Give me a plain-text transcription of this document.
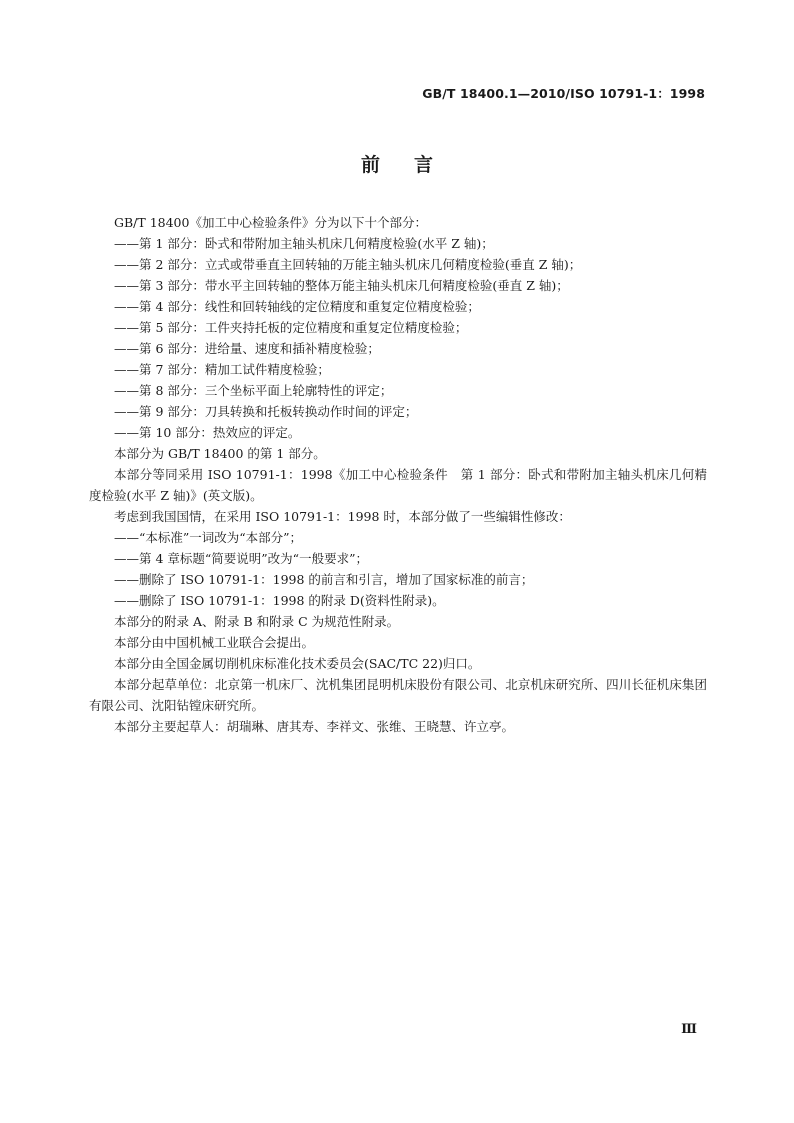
GB/T 18400.1—2010/ISO 10791-1：1998
前言

GB/T 18400《加工中心检验条件》分为以下十个部分：

——第 1 部分：卧式和带附加主轴头机床几何精度检验(水平 Z 轴)；

——第 2 部分：立式或带垂直主回转轴的万能主轴头机床几何精度检验(垂直 Z 轴)；

——第 3 部分：带水平主回转轴的整体万能主轴头机床几何精度检验(垂直 Z 轴)；

——第 4 部分：线性和回转轴线的定位精度和重复定位精度检验；

——第 5 部分：工件夹持托板的定位精度和重复定位精度检验；

——第 6 部分：进给量、速度和插补精度检验；

——第 7 部分：精加工试件精度检验；

——第 8 部分：三个坐标平面上轮廓特性的评定；

——第 9 部分：刀具转换和托板转换动作时间的评定；

——第 10 部分：热效应的评定。

本部分为 GB/T 18400 的第 1 部分。

本部分等同采用 ISO 10791-1：1998《加工中心检验条件　第 1 部分：卧式和带附加主轴头机床几何精度检验(水平 Z 轴)》(英文版)。

考虑到我国国情，在采用 ISO 10791-1：1998 时，本部分做了一些编辑性修改：

——“本标准”一词改为“本部分”；

——第 4 章标题“简要说明”改为“一般要求”；

——删除了 ISO 10791-1：1998 的前言和引言，增加了国家标准的前言；

——删除了 ISO 10791-1：1998 的附录 D(资料性附录)。

本部分的附录 A、附录 B 和附录 C 为规范性附录。

本部分由中国机械工业联合会提出。

本部分由全国金属切削机床标准化技术委员会(SAC/TC 22)归口。

本部分起草单位：北京第一机床厂、沈机集团昆明机床股份有限公司、北京机床研究所、四川长征机床集团有限公司、沈阳钻镗床研究所。

本部分主要起草人：胡瑞琳、唐其寿、李祥文、张维、王晓慧、许立亭。

Ⅲ
